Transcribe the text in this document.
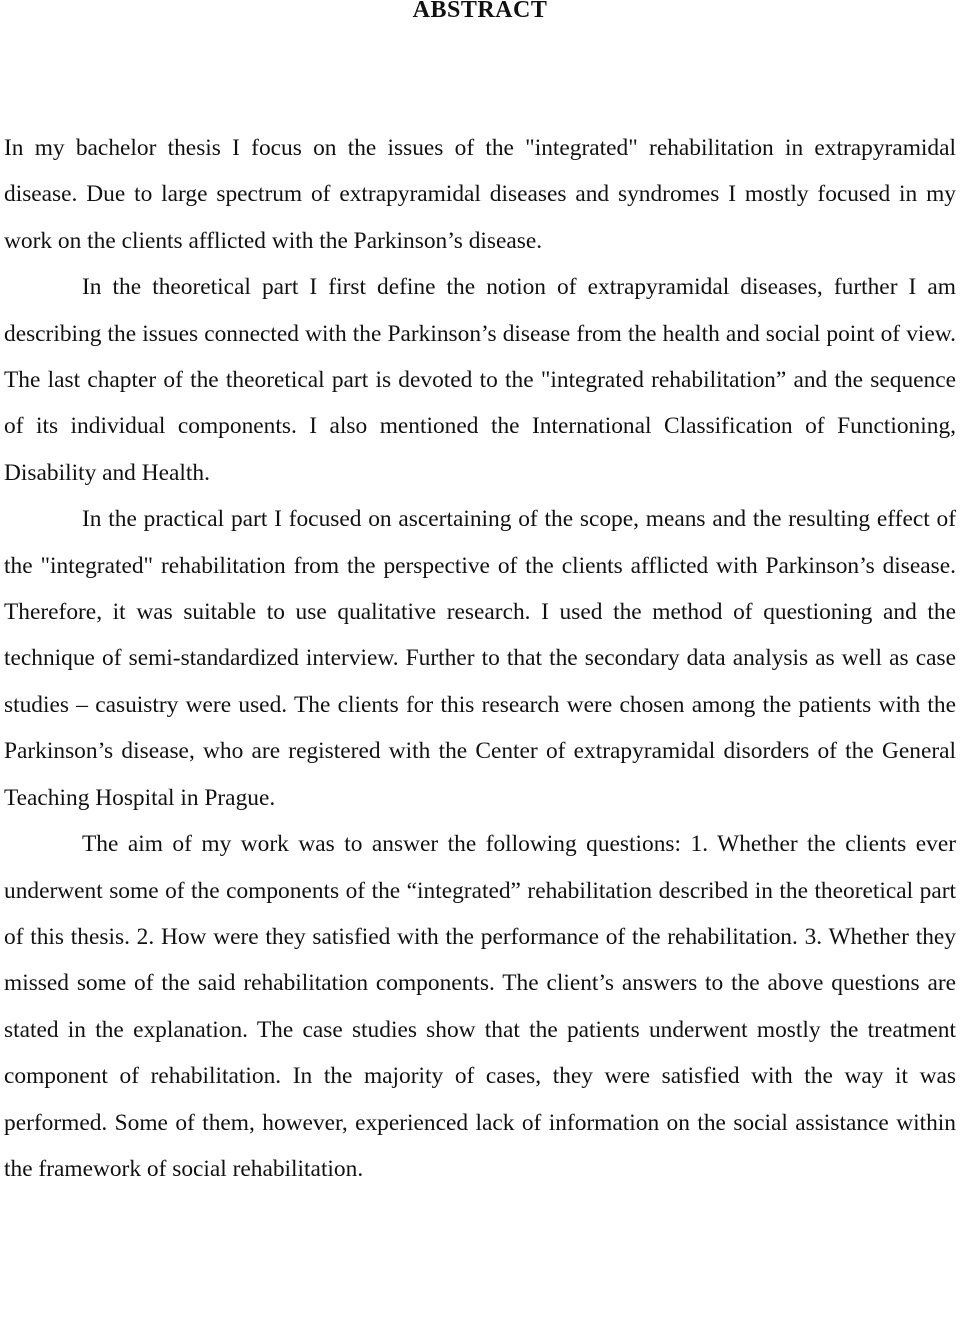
ABSTRACT

In my bachelor thesis I focus on the issues of the "integrated" rehabilitation in extrapyramidal disease. Due to large spectrum of extrapyramidal diseases and syndromes I mostly focused in my work on the clients afflicted with the Parkinson’s disease.

In the theoretical part I first define the notion of extrapyramidal diseases, further I am describing the issues connected with the Parkinson’s disease from the health and social point of view. The last chapter of the theoretical part is devoted to the "integrated rehabilitation” and the sequence of its individual components. I also mentioned the International Classification of Functioning, Disability and Health.

In the practical part I focused on ascertaining of the scope, means and the resulting effect of the "integrated" rehabilitation from the perspective of the clients afflicted with Parkinson’s disease. Therefore, it was suitable to use qualitative research. I used the method of questioning and the technique of semi-standardized interview. Further to that the secondary data analysis as well as case studies – casuistry were used. The clients for this research were chosen among the patients with the Parkinson’s disease, who are registered with the Center of extrapyramidal disorders of the General Teaching Hospital in Prague.

The aim of my work was to answer the following questions: 1. Whether the clients ever underwent some of the components of the “integrated” rehabilitation described in the theoretical part of this thesis. 2. How were they satisfied with the performance of the rehabilitation. 3. Whether they missed some of the said rehabilitation components. The client’s answers to the above questions are stated in the explanation. The case studies show that the patients underwent mostly the treatment component of rehabilitation. In the majority of cases, they were satisfied with the way it was performed. Some of them, however, experienced lack of information on the social assistance within the framework of social rehabilitation.
